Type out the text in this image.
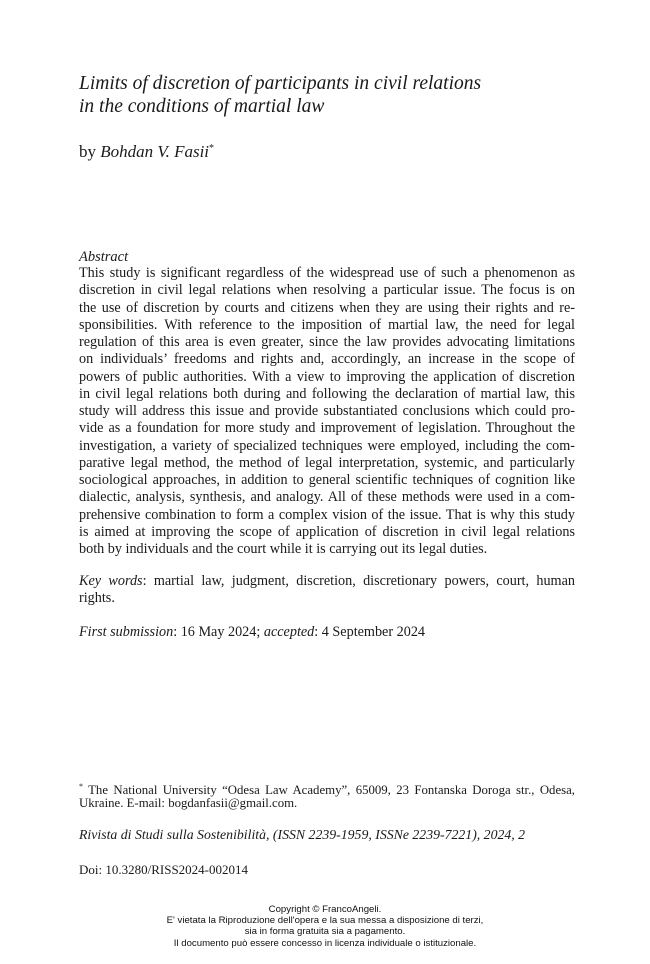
Limits of discretion of participants in civil relations
in the conditions of martial law
by Bohdan V. Fasii*
Abstract
This study is significant regardless of the widespread use of such a phenomenon as
discretion in civil legal relations when resolving a particular issue. The focus is on
the use of discretion by courts and citizens when they are using their rights and re-
sponsibilities. With reference to the imposition of martial law, the need for legal
regulation of this area is even greater, since the law provides advocating limitations
on individuals’ freedoms and rights and, accordingly, an increase in the scope of
powers of public authorities. With a view to improving the application of discretion
in civil legal relations both during and following the declaration of martial law, this
study will address this issue and provide substantiated conclusions which could pro-
vide as a foundation for more study and improvement of legislation. Throughout the
investigation, a variety of specialized techniques were employed, including the com-
parative legal method, the method of legal interpretation, systemic, and particularly
sociological approaches, in addition to general scientific techniques of cognition like
dialectic, analysis, synthesis, and analogy. All of these methods were used in a com-
prehensive combination to form a complex vision of the issue. That is why this study
is aimed at improving the scope of application of discretion in civil legal relations
both by individuals and the court while it is carrying out its legal duties.
Key words: martial law, judgment, discretion, discretionary powers, court, human
rights.
First submission: 16 May 2024; accepted: 4 September 2024
* The National University “Odesa Law Academy”, 65009, 23 Fontanska Doroga str., Odesa,
Ukraine. E-mail: bogdanfasii@gmail.com.
Rivista di Studi sulla Sostenibilità, (ISSN 2239-1959, ISSNe 2239-7221), 2024, 2
Doi: 10.3280/RISS2024-002014
Copyright © FrancoAngeli.
E' vietata la Riproduzione dell'opera e la sua messa a disposizione di terzi,
sia in forma gratuita sia a pagamento.
Il documento può essere concesso in licenza individuale o istituzionale.
